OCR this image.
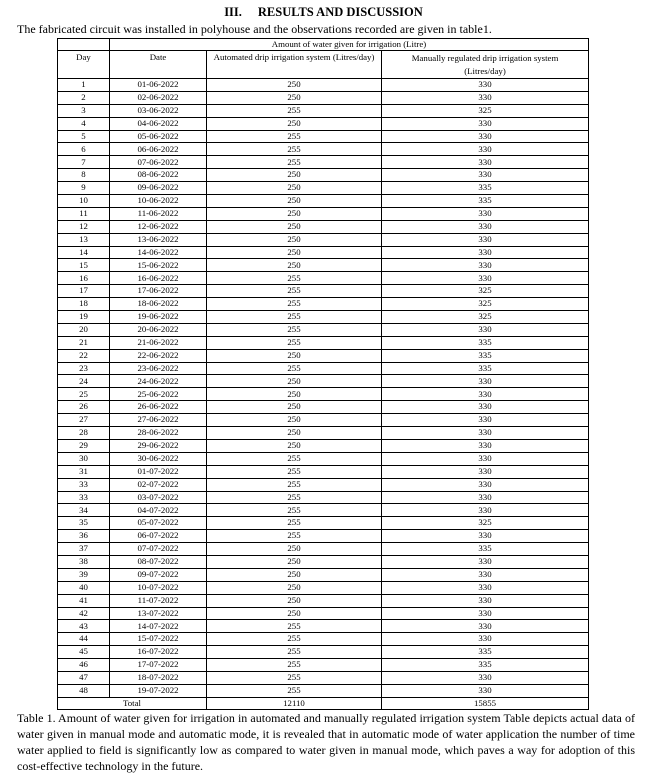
III. RESULTS AND DISCUSSION
The fabricated circuit was installed in polyhouse and the observations recorded are given in table1.
	Amount of water given for irrigation (Litre)		
Day	Date	Automated drip irrigation system (Litres/day)	Manually regulated drip irrigation system
(Litres/day)
1	01-06-2022	250	330
2	02-06-2022	250	330
3	03-06-2022	255	325
4	04-06-2022	250	330
5	05-06-2022	255	330
6	06-06-2022	255	330
7	07-06-2022	255	330
8	08-06-2022	250	330
9	09-06-2022	250	335
10	10-06-2022	250	335
11	11-06-2022	250	330
12	12-06-2022	250	330
13	13-06-2022	250	330
14	14-06-2022	250	330
15	15-06-2022	250	330
16	16-06-2022	255	330
17	17-06-2022	255	325
18	18-06-2022	255	325
19	19-06-2022	255	325
20	20-06-2022	255	330
21	21-06-2022	255	335
22	22-06-2022	250	335
23	23-06-2022	255	335
24	24-06-2022	250	330
25	25-06-2022	250	330
26	26-06-2022	250	330
27	27-06-2022	250	330
28	28-06-2022	250	330
29	29-06-2022	250	330
30	30-06-2022	255	330
31	01-07-2022	255	330
33	02-07-2022	255	330
33	03-07-2022	255	330
34	04-07-2022	255	330
35	05-07-2022	255	325
36	06-07-2022	255	330
37	07-07-2022	250	335
38	08-07-2022	250	330
39	09-07-2022	250	330
40	10-07-2022	250	330
41	11-07-2022	250	330
42	13-07-2022	250	330
43	14-07-2022	255	330
44	15-07-2022	255	330
45	16-07-2022	255	335
46	17-07-2022	255	335
47	18-07-2022	255	330
48	19-07-2022	255	330
Total		12110	15855
Table 1. Amount of water given for irrigation in automated and manually regulated irrigation system Table depicts actual data of water given in manual mode and automatic mode, it is revealed that in automatic mode of water application the number of time water applied to field is significantly low as compared to water given in manual mode, which paves a way for adoption of this cost-effective technology in the future.
